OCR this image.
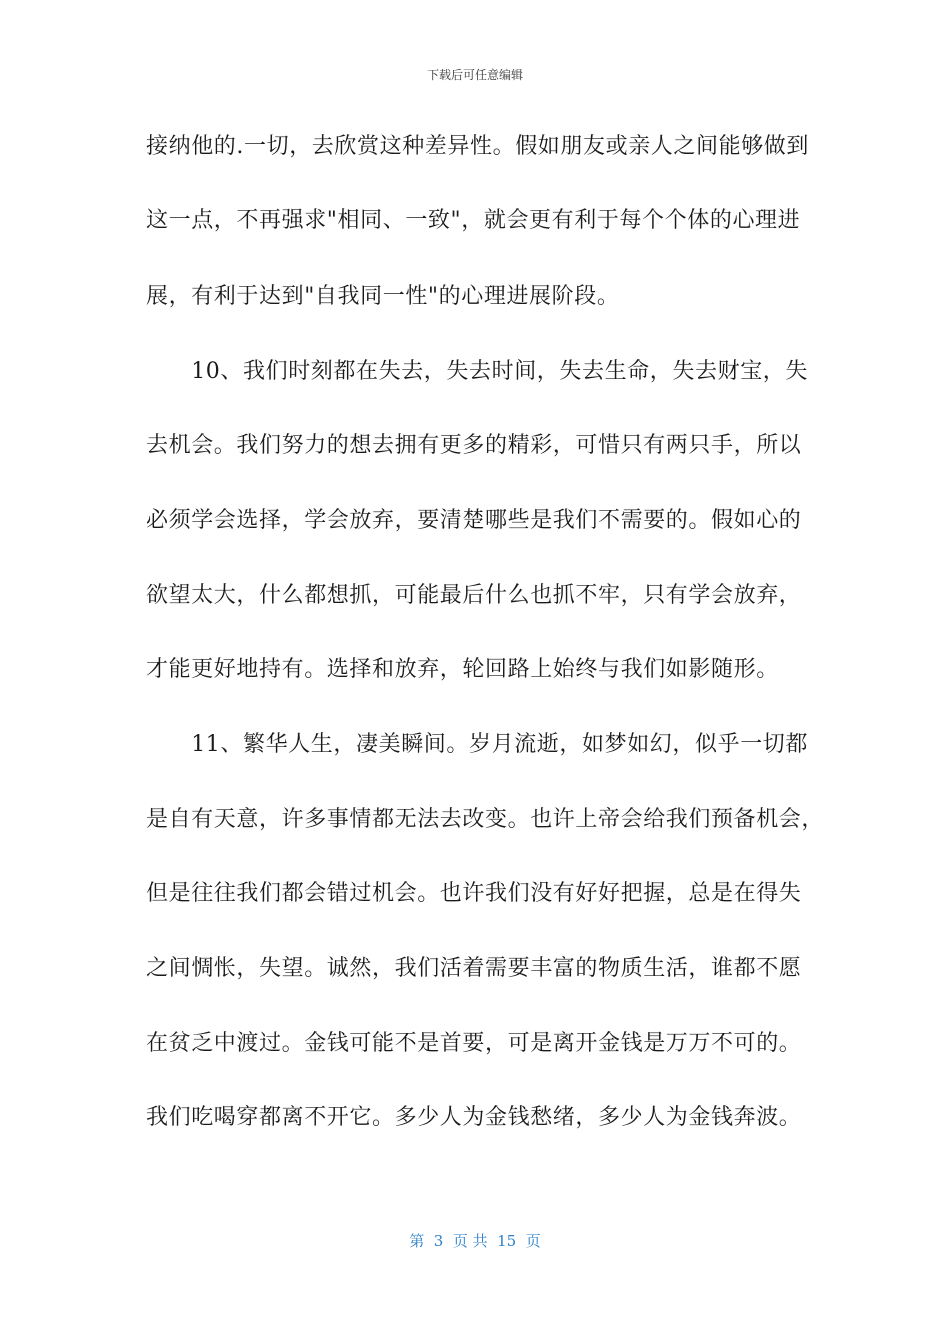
下载后可任意编辑
接纳他的.一切，去欣赏这种差异性。假如朋友或亲人之间能够做到
这一点，不再强求"相同、一致"，就会更有利于每个个体的心理进
展，有利于达到"自我同一性"的心理进展阶段。
　　10、我们时刻都在失去，失去时间，失去生命，失去财宝，失
去机会。我们努力的想去拥有更多的精彩，可惜只有两只手，所以
必须学会选择，学会放弃，要清楚哪些是我们不需要的。假如心的
欲望太大，什么都想抓，可能最后什么也抓不牢，只有学会放弃，
才能更好地持有。选择和放弃，轮回路上始终与我们如影随形。
　　11、繁华人生，凄美瞬间。岁月流逝，如梦如幻，似乎一切都
是自有天意，许多事情都无法去改变。也许上帝会给我们预备机会，
但是往往我们都会错过机会。也许我们没有好好把握，总是在得失
之间惆怅，失望。诚然，我们活着需要丰富的物质生活，谁都不愿
在贫乏中渡过。金钱可能不是首要，可是离开金钱是万万不可的。
我们吃喝穿都离不开它。多少人为金钱愁绪，多少人为金钱奔波。
第  3  页 共  15  页
